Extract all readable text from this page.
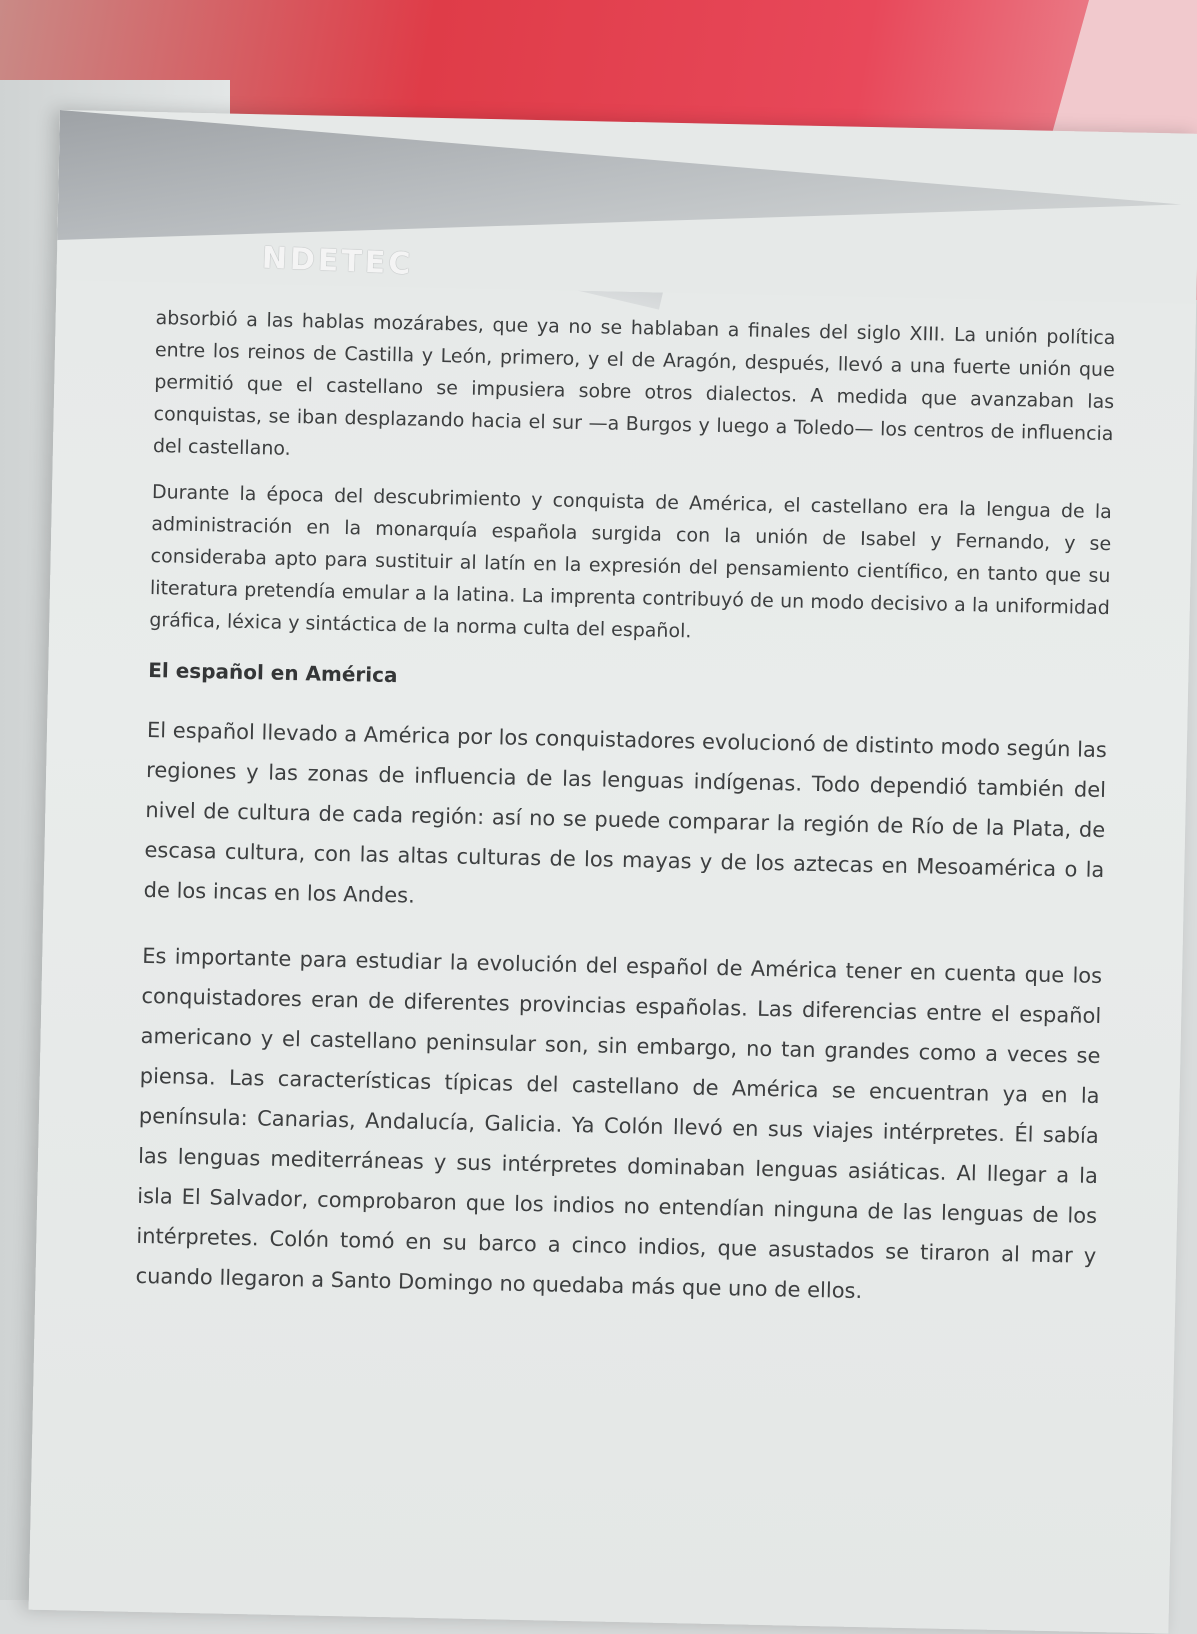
NDETEC

absorbió a las hablas mozárabes, que ya no se hablaban a finales del siglo XIII. La unión política entre los reinos de Castilla y León, primero, y el de Aragón, después, llevó a una fuerte unión que permitió que el castellano se impusiera sobre otros dialectos. A medida que avanzaban las conquistas, se iban desplazando hacia el sur —a Burgos y luego a Toledo— los centros de influencia del castellano.

Durante la época del descubrimiento y conquista de América, el castellano era la lengua de la administración en la monarquía española surgida con la unión de Isabel y Fernando, y se consideraba apto para sustituir al latín en la expresión del pensamiento científico, en tanto que su literatura pretendía emular a la latina. La imprenta contribuyó de un modo decisivo a la uniformidad gráfica, léxica y sintáctica de la norma culta del español.

El español en América

El español llevado a América por los conquistadores evolucionó de distinto modo según las regiones y las zonas de influencia de las lenguas indígenas. Todo dependió también del nivel de cultura de cada región: así no se puede comparar la región de Río de la Plata, de escasa cultura, con las altas culturas de los mayas y de los aztecas en Mesoamérica o la de los incas en los Andes.

Es importante para estudiar la evolución del español de América tener en cuenta que los conquistadores eran de diferentes provincias españolas. Las diferencias entre el español americano y el castellano peninsular son, sin embargo, no tan grandes como a veces se piensa. Las características típicas del castellano de América se encuentran ya en la península: Canarias, Andalucía, Galicia. Ya Colón llevó en sus viajes intérpretes. Él sabía las lenguas mediterráneas y sus intérpretes dominaban lenguas asiáticas. Al llegar a la isla El Salvador, comprobaron que los indios no entendían ninguna de las lenguas de los intérpretes. Colón tomó en su barco a cinco indios, que asustados se tiraron al mar y cuando llegaron a Santo Domingo no quedaba más que uno de ellos.
